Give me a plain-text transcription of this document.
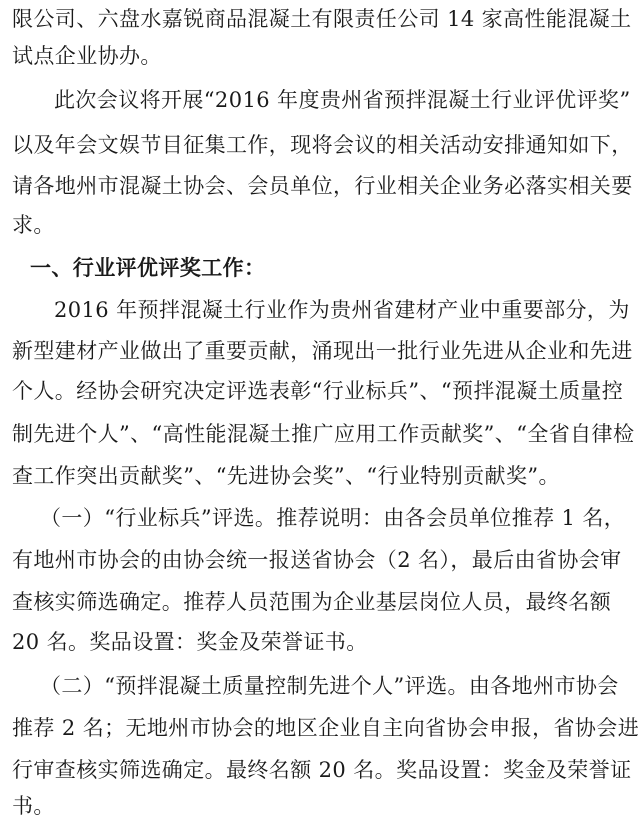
限公司、六盘水嘉锐商品混凝土有限责任公司 14 家高性能混凝土
试点企业协办。
此次会议将开展“2016 年度贵州省预拌混凝土行业评优评奖”
以及年会文娱节目征集工作，现将会议的相关活动安排通知如下，
请各地州市混凝土协会、会员单位，行业相关企业务必落实相关要
求。
一、行业评优评奖工作：
2016 年预拌混凝土行业作为贵州省建材产业中重要部分，为
新型建材产业做出了重要贡献，涌现出一批行业先进从企业和先进
个人。经协会研究决定评选表彰“行业标兵”、“预拌混凝土质量控
制先进个人”、“高性能混凝土推广应用工作贡献奖”、“全省自律检
查工作突出贡献奖”、“先进协会奖”、“行业特别贡献奖”。
（一）“行业标兵”评选。推荐说明：由各会员单位推荐 1 名，
有地州市协会的由协会统一报送省协会（2 名），最后由省协会审
查核实筛选确定。推荐人员范围为企业基层岗位人员，最终名额
20 名。奖品设置：奖金及荣誉证书。
（二）“预拌混凝土质量控制先进个人”评选。由各地州市协会
推荐 2 名；无地州市协会的地区企业自主向省协会申报，省协会进
行审查核实筛选确定。最终名额 20 名。奖品设置：奖金及荣誉证
书。
